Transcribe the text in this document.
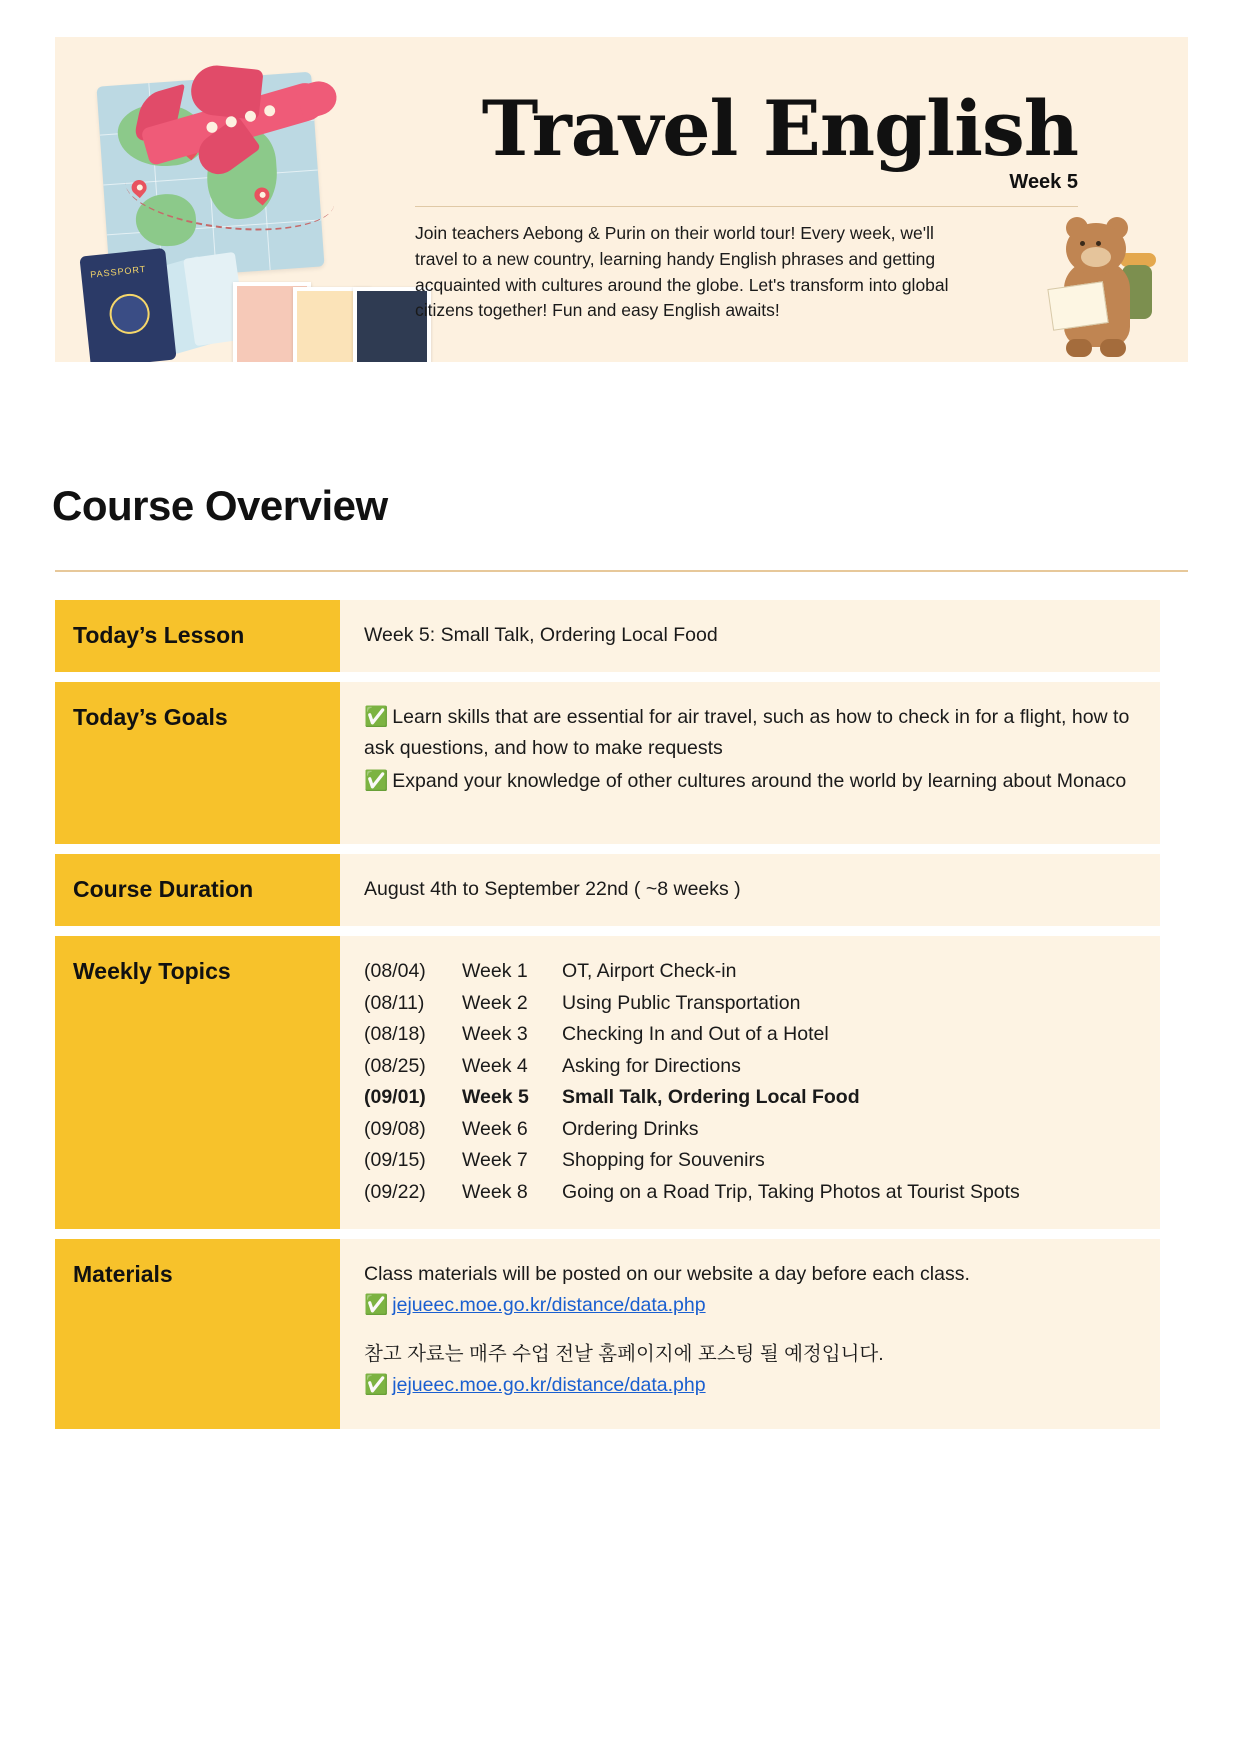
PASSPORT
Travel English
Week 5
Join teachers Aebong & Purin on their world tour! Every week, we'll travel to a new country, learning handy English phrases and getting acquainted with cultures around the globe. Let's transform into global citizens together! Fun and easy English awaits!
Course Overview
Today’s Lesson	Week 5: Small Talk, Ordering Local Food
Today’s Goals	✅ Learn skills that are essential for air travel, such as how to check in for a flight, how to ask questions, and how to make requests

✅ Expand your knowledge of other cultures around the world by learning about Monaco

Course Duration	August 4th to September 22nd ( ~8 weeks )
Weekly Topics	(08/04)	Week 1	OT, Airport Check-in
(08/11)	Week 2	Using Public Transportation
(08/18)	Week 3	Checking In and Out of a Hotel
(08/25)	Week 4	Asking for Directions
(09/01)	Week 5	Small Talk, Ordering Local Food
(09/08)	Week 6	Ordering Drinks
(09/15)	Week 7	Shopping for Souvenirs
(09/22)	Week 8	Going on a Road Trip, Taking Photos at Tourist Spots
Materials	Class materials will be posted on our website a day before each class.

✅ jejueec.moe.go.kr/distance/data.php

참고 자료는 매주 수업 전날 홈페이지에 포스팅 될 예정입니다.

✅ jejueec.moe.go.kr/distance/data.php
